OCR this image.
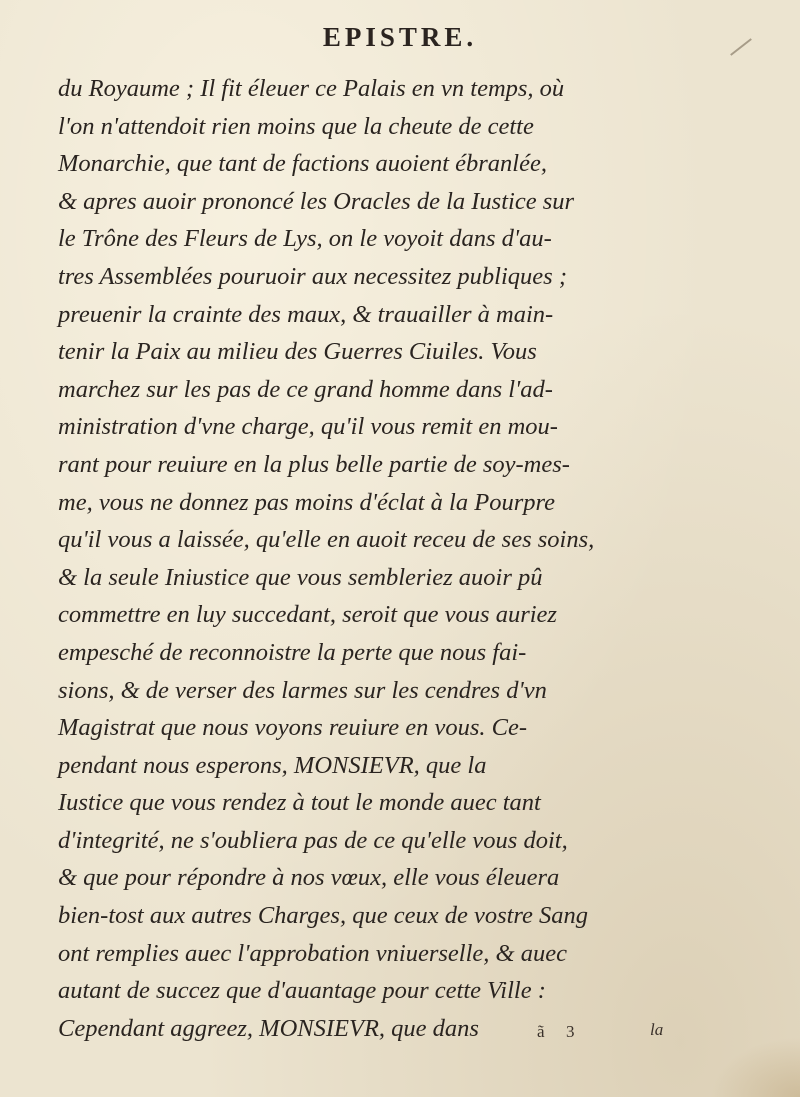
EPISTRE.
du Royaume ; Il fit éleuer ce Palais en vn temps, où
l'on n'attendoit rien moins que la cheute de cette
Monarchie, que tant de factions auoient ébranlée,
& apres auoir prononcé les Oracles de la Iustice sur
le Trône des Fleurs de Lys, on le voyoit dans d'au-
tres Assemblées pouruoir aux necessitez publiques ;
preuenir la crainte des maux, & trauailler à main-
tenir la Paix au milieu des Guerres Ciuiles. Vous
marchez sur les pas de ce grand homme dans l'ad-
ministration d'vne charge, qu'il vous remit en mou-
rant pour reuiure en la plus belle partie de soy-mes-
me, vous ne donnez pas moins d'éclat à la Pourpre
qu'il vous a laissée, qu'elle en auoit receu de ses soins,
& la seule Iniustice que vous sembleriez auoir pû
commettre en luy succedant, seroit que vous auriez
empesché de reconnoistre la perte que nous fai-
sions, & de verser des larmes sur les cendres d'vn
Magistrat que nous voyons reuiure en vous. Ce-
pendant nous esperons, MONSIEVR, que la
Iustice que vous rendez à tout le monde auec tant
d'integrité, ne s'oubliera pas de ce qu'elle vous doit,
& que pour répondre à nos vœux, elle vous éleuera
bien-tost aux autres Charges, que ceux de vostre Sang
ont remplies auec l'approbation vniuerselle, & auec
autant de succez que d'auantage pour cette Ville :
Cependant aggreez, MONSIEVR, que dans	ã 3	la
